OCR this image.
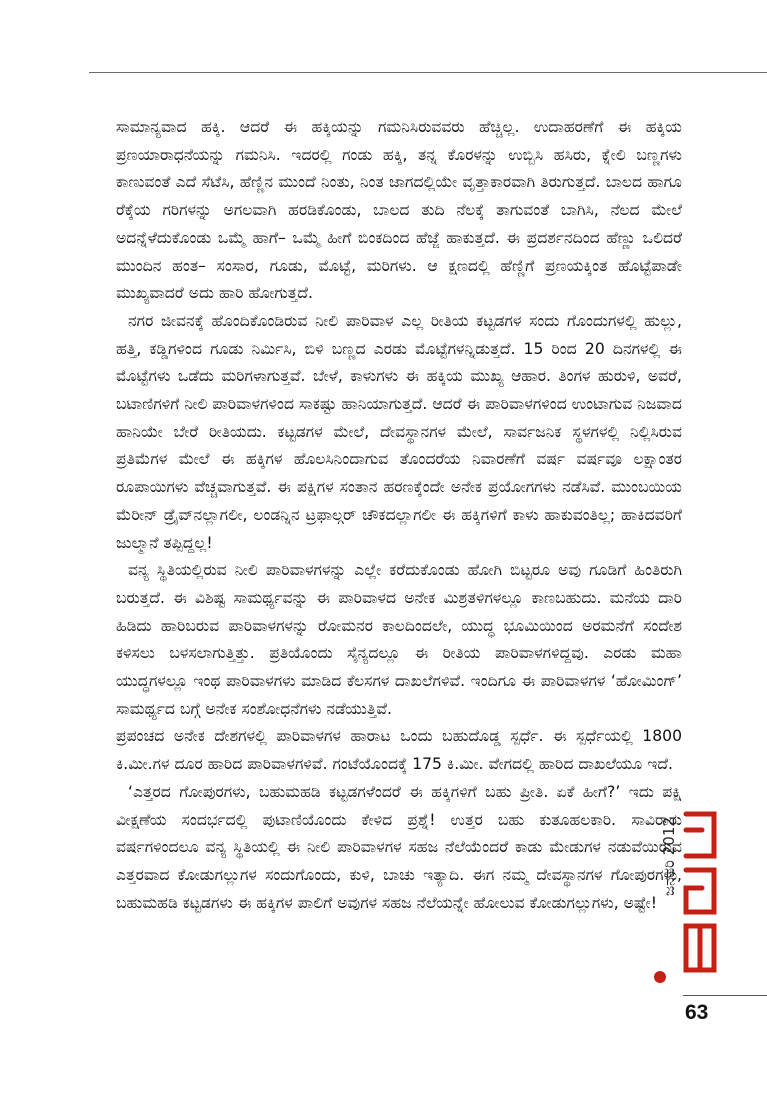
ಸಾಮಾನ್ಯವಾದ ಹಕ್ಕಿ. ಆದರೆ ಈ ಹಕ್ಕಿಯನ್ನು ಗಮನಿಸಿರುವವರು ಹೆಚ್ಚಿಲ್ಲ. ಉದಾಹರಣೆಗೆ ಈ ಹಕ್ಕಿಯ ಪ್ರಣಯಾರಾಧನೆಯನ್ನು ಗಮನಿಸಿ. ಇದರಲ್ಲಿ ಗಂಡು ಹಕ್ಕಿ, ತನ್ನ ಕೊರಳನ್ನು ಉಬ್ಬಿಸಿ ಹಸಿರು, ಕ್ನೇಲಿ ಬಣ್ಣಗಳು ಕಾಣುವಂತೆ ಎದೆ ಸೆಟೆಸಿ, ಹೆಣ್ಣಿನ ಮುಂದೆ ನಿಂತು, ನಿಂತ ಜಾಗದಲ್ಲಿಯೇ ವೃತ್ತಾಕಾರವಾಗಿ ತಿರುಗುತ್ತದೆ. ಬಾಲದ ಹಾಗೂ ರೆಕ್ಕೆಯ ಗರಿಗಳನ್ನು ಅಗಲವಾಗಿ ಹರಡಿಕೊಂಡು, ಬಾಲದ ತುದಿ ನೆಲಕ್ಕೆ ತಾಗುವಂತೆ ಬಾಗಿಸಿ, ನೆಲದ ಮೇಲೆ ಅದನ್ನೆಳೆದುಕೊಂಡು ಒಮ್ಮೆ ಹಾಗೆ– ಒಮ್ಮೆ ಹೀಗೆ ಬಿಂಕದಿಂದ ಹೆಜ್ಜೆ ಹಾಕುತ್ತದೆ. ಈ ಪ್ರದರ್ಶನದಿಂದ ಹೆಣ್ಣು ಒಲಿದರೆ ಮುಂದಿನ ಹಂತ– ಸಂಸಾರ, ಗೂಡು, ಮೊಟ್ಟೆ, ಮರಿಗಳು. ಆ ಕ್ಷಣದಲ್ಲಿ ಹೆಣ್ಣಿಗೆ ಪ್ರಣಯಕ್ಕಿಂತ ಹೊಟ್ಟೆಪಾಡೇ ಮುಖ್ಯವಾದರೆ ಅದು ಹಾರಿ ಹೋಗುತ್ತದೆ.

ನಗರ ಜೀವನಕ್ಕೆ ಹೊಂದಿಕೊಂಡಿರುವ ನೀಲಿ ಪಾರಿವಾಳ ಎಲ್ಲ ರೀತಿಯ ಕಟ್ಟಡಗಳ ಸಂದು ಗೊಂದುಗಳಲ್ಲಿ ಹುಲ್ಲು, ಹತ್ತಿ, ಕಡ್ಡಿಗಳಿಂದ ಗೂಡು ನಿರ್ಮಿಸಿ, ಬಿಳಿ ಬಣ್ಣದ ಎರಡು ಮೊಟ್ಟೆಗಳನ್ನಿಡುತ್ತದೆ. 15 ರಿಂದ 20 ದಿನಗಳಲ್ಲಿ ಈ ಮೊಟ್ಟೆಗಳು ಒಡೆದು ಮರಿಗಳಾಗುತ್ತವೆ. ಬೇಳೆ, ಕಾಳುಗಳು ಈ ಹಕ್ಕಿಯ ಮುಖ್ಯ ಆಹಾರ. ತಿಂಗಳ ಹುರುಳಿ, ಅವರೆ, ಬಟಾಣಿಗಳಿಗೆ ನೀಲಿ ಪಾರಿವಾಳಗಳಿಂದ ಸಾಕಷ್ಟು ಹಾನಿಯಾಗುತ್ತದೆ. ಆದರೆ ಈ ಪಾರಿವಾಳಗಳಿಂದ ಉಂಟಾಗುವ ನಿಜವಾದ ಹಾನಿಯೇ ಬೇರೆ ರೀತಿಯದು. ಕಟ್ಟಡಗಳ ಮೇಲೆ, ದೇವಸ್ಥಾನಗಳ ಮೇಲೆ, ಸಾರ್ವಜನಿಕ ಸ್ಥಳಗಳಲ್ಲಿ ನಿಲ್ಲಿಸಿರುವ ಪ್ರತಿಮೆಗಳ ಮೇಲೆ ಈ ಹಕ್ಕಿಗಳ ಹೊಲಸಿನಿಂದಾಗುವ ತೊಂದರೆಯ ನಿವಾರಣೆಗೆ ವರ್ಷ ವರ್ಷವೂ ಲಕ್ಷಾಂತರ ರೂಪಾಯಿಗಳು ವೆಚ್ಚವಾಗುತ್ತವೆ. ಈ ಪಕ್ಷಿಗಳ ಸಂತಾನ ಹರಣಕ್ಕೆಂದೇ ಅನೇಕ ಪ್ರಯೋಗಗಳು ನಡೆಸಿವೆ. ಮುಂಬಯಿಯ ಮೆರೀನ್ ಡ್ರೈವ್‌ನಲ್ಲಾಗಲೀ, ಲಂಡನ್ನಿನ ಟ್ರಫಾಲ್ಗರ್ ಚೌಕದಲ್ಲಾಗಲೀ ಈ ಹಕ್ಕಿಗಳಿಗೆ ಕಾಳು ಹಾಕುವಂತಿಲ್ಲ; ಹಾಕಿದವರಿಗೆ ಜುಲ್ಮಾನೆ ತಪ್ಪಿದ್ದಲ್ಲ!

ವನ್ಯ ಸ್ಥಿತಿಯಲ್ಲಿರುವ ನೀಲಿ ಪಾರಿವಾಳಗಳನ್ನು ಎಲ್ಲೇ ಕರೆದುಕೊಂಡು ಹೋಗಿ ಬಿಟ್ಟರೂ ಅವು ಗೂಡಿಗೆ ಹಿಂತಿರುಗಿ ಬರುತ್ತದೆ. ಈ ವಿಶಿಷ್ಟ ಸಾಮರ್ಥ್ಯವನ್ನು ಈ ಪಾರಿವಾಳದ ಅನೇಕ ಮಿಶ್ರತಳಿಗಳಲ್ಲೂ ಕಾಣಬಹುದು. ಮನೆಯ ದಾರಿ ಹಿಡಿದು ಹಾರಿಬರುವ ಪಾರಿವಾಳಗಳನ್ನು ರೋಮನರ ಕಾಲದಿಂದಲೇ, ಯುದ್ಧ ಭೂಮಿಯಿಂದ ಅರಮನೆಗೆ ಸಂದೇಶ ಕಳಿಸಲು ಬಳಸಲಾಗುತ್ತಿತ್ತು. ಪ್ರತಿಯೊಂದು ಸೈನ್ಯದಲ್ಲೂ ಈ ರೀತಿಯ ಪಾರಿವಾಳಗಳಿದ್ದವು. ಎರಡು ಮಹಾ ಯುದ್ಧಗಳಲ್ಲೂ ಇಂಥ ಪಾರಿವಾಳಗಳು ಮಾಡಿದ ಕೆಲಸಗಳ ದಾಖಲೆಗಳಿವೆ. ಇಂದಿಗೂ ಈ ಪಾರಿವಾಳಗಳ ‘ಹೋಮಿಂಗ್’ ಸಾಮರ್ಥ್ಯದ ಬಗ್ಗೆ ಅನೇಕ ಸಂಶೋಧನೆಗಳು ನಡೆಯುತ್ತಿವೆ.

ಪ್ರಪಂಚದ ಅನೇಕ ದೇಶಗಳಲ್ಲಿ ಪಾರಿವಾಳಗಳ ಹಾರಾಟ ಒಂದು ಬಹುದೊಡ್ಡ ಸ್ಪರ್ಧೆ. ಈ ಸ್ಪರ್ಧೆಯಲ್ಲಿ 1800 ಕಿ.ಮೀ.ಗಳ ದೂರ ಹಾರಿದ ಪಾರಿವಾಳಗಳಿವೆ. ಗಂಟೆಯೊಂದಕ್ಕೆ 175 ಕಿ.ಮೀ. ವೇಗದಲ್ಲಿ ಹಾರಿದ ದಾಖಲೆಯೂ ಇದೆ.

‘ಎತ್ತರದ ಗೋಪುರಗಳು, ಬಹುಮಹಡಿ ಕಟ್ಟಡಗಳೆಂದರೆ ಈ ಹಕ್ಕಿಗಳಿಗೆ ಬಹು ಪ್ರೀತಿ. ಏಕೆ ಹೀಗೆ?’ ಇದು ಪಕ್ಷಿ ವೀಕ್ಷಣೆಯ ಸಂದರ್ಭದಲ್ಲಿ ಪುಟಾಣಿಯೊಂದು ಕೇಳಿದ ಪ್ರಶ್ನೆ! ಉತ್ತರ ಬಹು ಕುತೂಹಲಕಾರಿ. ಸಾವಿರಾರು ವರ್ಷಗಳಿಂದಲೂ ವನ್ಯ ಸ್ಥಿತಿಯಲ್ಲಿ ಈ ನೀಲಿ ಪಾರಿವಾಳಗಳ ಸಹಜ ನೆಲೆಯೆಂದರೆ ಕಾಡು ಮೇಡುಗಳ ನಡುವೆಯಿರುವ ಎತ್ತರವಾದ ಕೋಡುಗಲ್ಲುಗಳ ಸಂದುಗೊಂದು, ಕುಳಿ, ಬಾಚು ಇತ್ಯಾದಿ. ಈಗ ನಮ್ಮ ದೇವಸ್ಥಾನಗಳ ಗೋಪುರಗಳು, ಬಹುಮಹಡಿ ಕಟ್ಟಡಗಳು ಈ ಹಕ್ಕಿಗಳ ಪಾಲಿಗೆ ಅವುಗಳ ಸಹಜ ನೆಲೆಯನ್ನೇ ಹೋಲುವ ಕೋಡುಗಲ್ಲುಗಳು, ಅಷ್ಟೇ!

ಜನವರಿ 2012
63
